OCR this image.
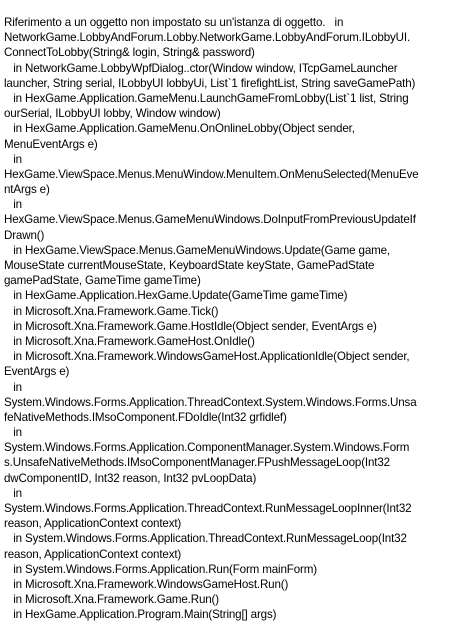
Riferimento a un oggetto non impostato su un'istanza di oggetto.   in
NetworkGame.LobbyAndForum.Lobby.NetworkGame.LobbyAndForum.ILobbyUI.
ConnectToLobby(String& login, String& password)
in NetworkGame.LobbyWpfDialog..ctor(Window window, ITcpGameLauncher
launcher, String serial, ILobbyUI lobbyUi, List`1 firefightList, String saveGamePath)
in HexGame.Application.GameMenu.LaunchGameFromLobby(List`1 list, String
ourSerial, ILobbyUI lobby, Window window)
in HexGame.Application.GameMenu.OnOnlineLobby(Object sender,
MenuEventArgs e)
in
HexGame.ViewSpace.Menus.MenuWindow.MenuItem.OnMenuSelected(MenuEve
ntArgs e)
in
HexGame.ViewSpace.Menus.GameMenuWindows.DoInputFromPreviousUpdateIf
Drawn()
in HexGame.ViewSpace.Menus.GameMenuWindows.Update(Game game,
MouseState currentMouseState, KeyboardState keyState, GamePadState
gamePadState, GameTime gameTime)
in HexGame.Application.HexGame.Update(GameTime gameTime)
in Microsoft.Xna.Framework.Game.Tick()
in Microsoft.Xna.Framework.Game.HostIdle(Object sender, EventArgs e)
in Microsoft.Xna.Framework.GameHost.OnIdle()
in Microsoft.Xna.Framework.WindowsGameHost.ApplicationIdle(Object sender,
EventArgs e)
in
System.Windows.Forms.Application.ThreadContext.System.Windows.Forms.Unsa
feNativeMethods.IMsoComponent.FDoIdle(Int32 grfidlef)
in
System.Windows.Forms.Application.ComponentManager.System.Windows.Form
s.UnsafeNativeMethods.IMsoComponentManager.FPushMessageLoop(Int32
dwComponentID, Int32 reason, Int32 pvLoopData)
in
System.Windows.Forms.Application.ThreadContext.RunMessageLoopInner(Int32
reason, ApplicationContext context)
in System.Windows.Forms.Application.ThreadContext.RunMessageLoop(Int32
reason, ApplicationContext context)
in System.Windows.Forms.Application.Run(Form mainForm)
in Microsoft.Xna.Framework.WindowsGameHost.Run()
in Microsoft.Xna.Framework.Game.Run()
in HexGame.Application.Program.Main(String[] args)
